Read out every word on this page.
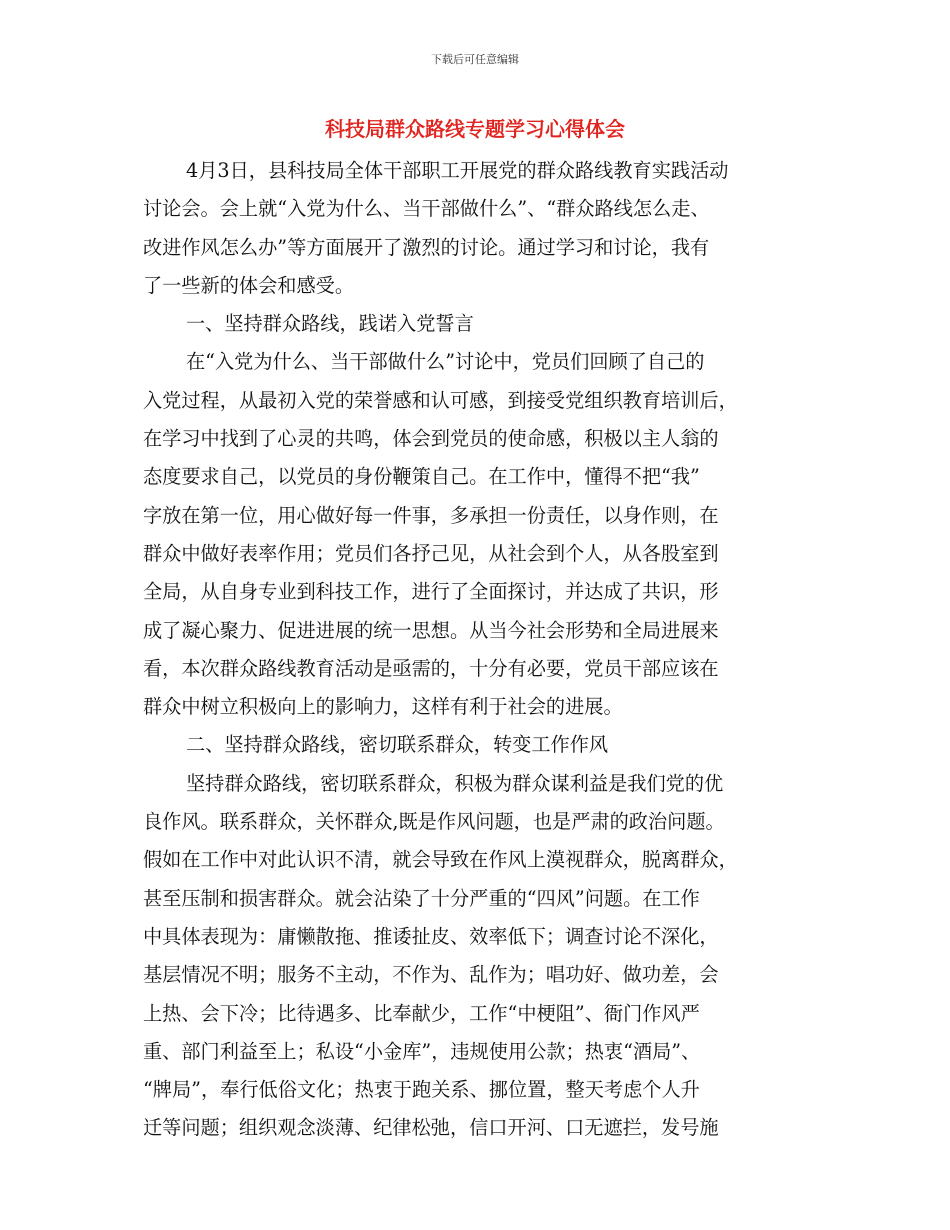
下载后可任意编辑
科技局群众路线专题学习心得体会
4月3日，县科技局全体干部职工开展党的群众路线教育实践活动
讨论会。会上就“入党为什么、当干部做什么”、“群众路线怎么走、
改进作风怎么办”等方面展开了激烈的讨论。通过学习和讨论，我有
了一些新的体会和感受。
一、坚持群众路线，践诺入党誓言
在“入党为什么、当干部做什么”讨论中，党员们回顾了自己的
入党过程，从最初入党的荣誉感和认可感，到接受党组织教育培训后，
在学习中找到了心灵的共鸣，体会到党员的使命感，积极以主人翁的
态度要求自己，以党员的身份鞭策自己。在工作中，懂得不把“我”
字放在第一位，用心做好每一件事，多承担一份责任，以身作则，在
群众中做好表率作用；党员们各抒己见，从社会到个人，从各股室到
全局，从自身专业到科技工作，进行了全面探讨，并达成了共识，形
成了凝心聚力、促进进展的统一思想。从当今社会形势和全局进展来
看，本次群众路线教育活动是亟需的，十分有必要，党员干部应该在
群众中树立积极向上的影响力，这样有利于社会的进展。
二、坚持群众路线，密切联系群众，转变工作作风
坚持群众路线，密切联系群众，积极为群众谋利益是我们党的优
良作风。联系群众，关怀群众,既是作风问题，也是严肃的政治问题。
假如在工作中对此认识不清，就会导致在作风上漠视群众，脱离群众，
甚至压制和损害群众。就会沾染了十分严重的“四风”问题。在工作
中具体表现为：庸懒散拖、推诿扯皮、效率低下；调查讨论不深化，
基层情况不明；服务不主动，不作为、乱作为；唱功好、做功差，会
上热、会下冷；比待遇多、比奉献少，工作“中梗阻”、衙门作风严
重、部门利益至上；私设“小金库”，违规使用公款；热衷“酒局”、
“牌局”，奉行低俗文化；热衷于跑关系、挪位置，整天考虑个人升
迁等问题；组织观念淡薄、纪律松弛，信口开河、口无遮拦，发号施
